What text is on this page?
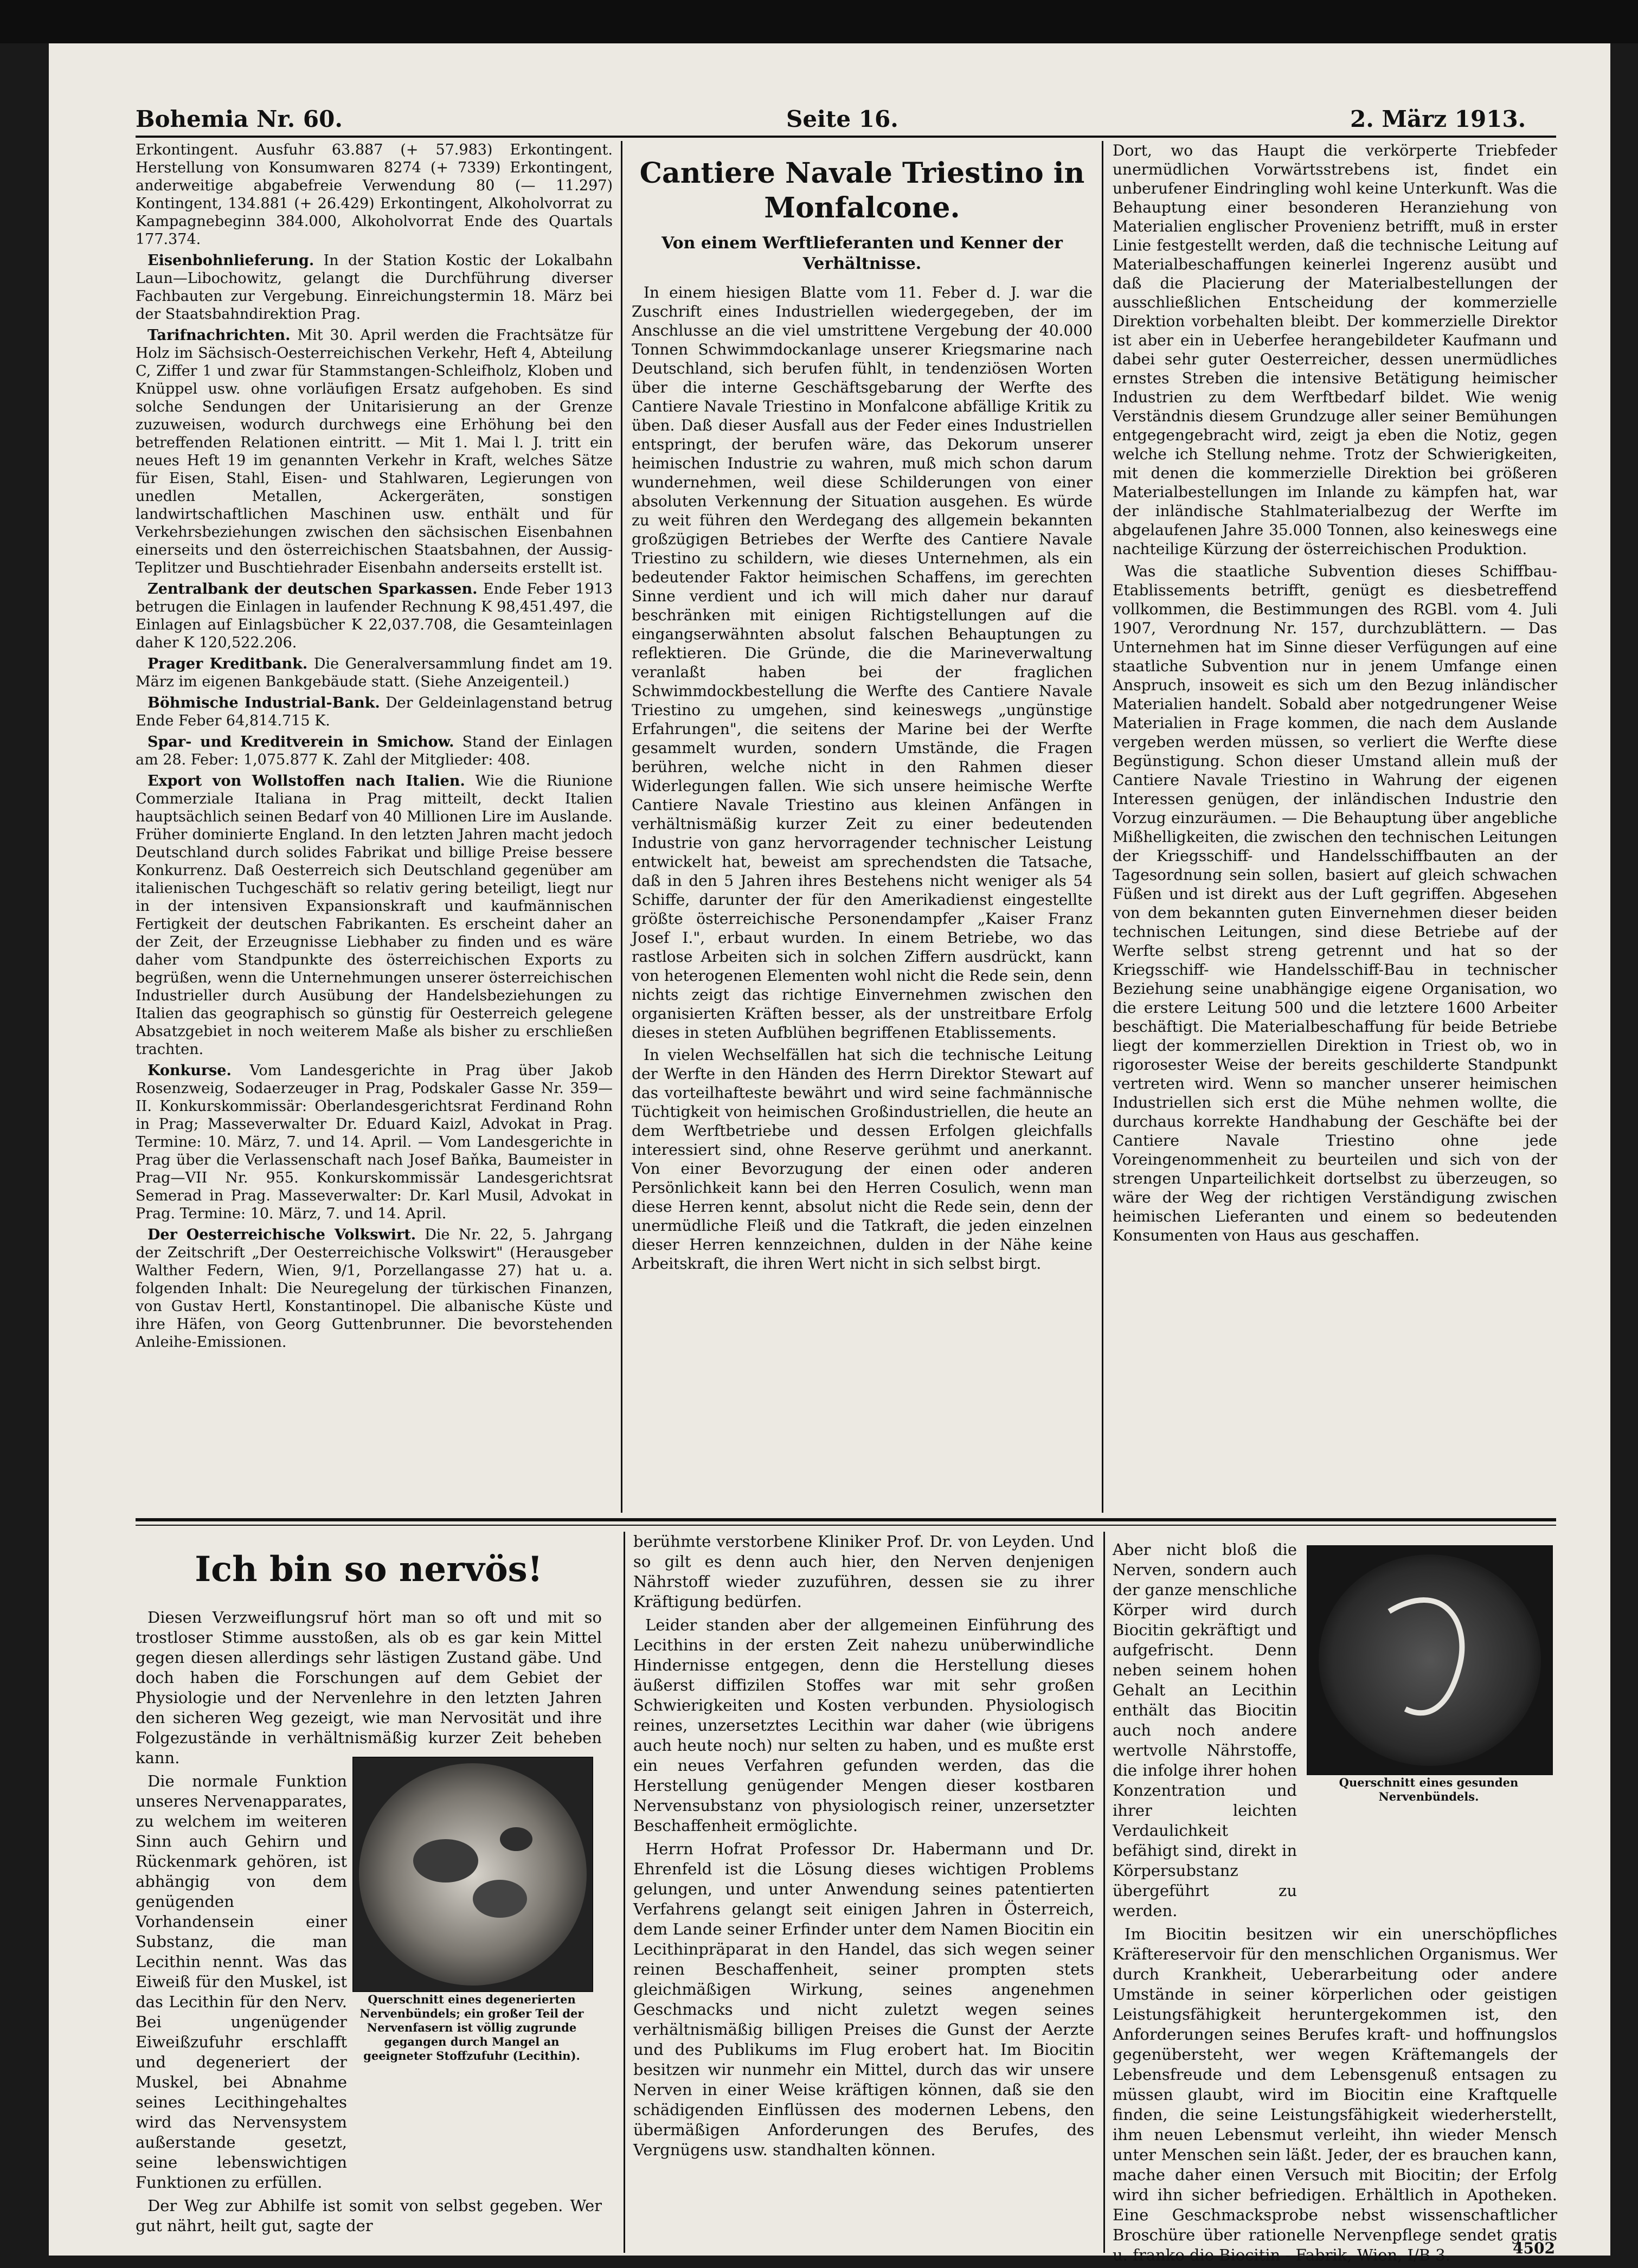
Bohemia Nr. 60.	Seite 16.	2. März 1913.

Erkontingent. Ausfuhr 63.887 (+ 57.983) Erkontingent. Herstellung von Konsumwaren 8274 (+ 7339) Erkontingent, anderweitige abgabefreie Verwendung 80 (— 11.297) Kontingent, 134.881 (+ 26.429) Erkontingent, Alkoholvorrat zu Kampagnebeginn 384.000, Alkoholvorrat Ende des Quartals 177.374.

Eisenbohnlieferung. In der Station Kostic der Lokalbahn Laun—Libochowitz, gelangt die Durchführung diverser Fachbauten zur Vergebung. Einreichungstermin 18. März bei der Staatsbahndirektion Prag.

Tarifnachrichten. Mit 30. April werden die Frachtsätze für Holz im Sächsisch-Oesterreichischen Verkehr, Heft 4, Abteilung C, Ziffer 1 und zwar für Stammstangen-Schleifholz, Kloben und Knüppel usw. ohne vorläufigen Ersatz aufgehoben. Es sind solche Sendungen der Unitarisierung an der Grenze zuzuweisen, wodurch durchwegs eine Erhöhung bei den betreffenden Relationen eintritt. — Mit 1. Mai l. J. tritt ein neues Heft 19 im genannten Verkehr in Kraft, welches Sätze für Eisen, Stahl, Eisen- und Stahlwaren, Legierungen von unedlen Metallen, Ackergeräten, sonstigen landwirtschaftlichen Maschinen usw. enthält und für Verkehrsbeziehungen zwischen den sächsischen Eisenbahnen einerseits und den österreichischen Staatsbahnen, der Aussig-Teplitzer und Buschtiehrader Eisenbahn anderseits erstellt ist.

Zentralbank der deutschen Sparkassen. Ende Feber 1913 betrugen die Einlagen in laufender Rechnung K 98,451.497, die Einlagen auf Einlagsbücher K 22,037.708, die Gesamteinlagen daher K 120,522.206.

Prager Kreditbank. Die Generalversammlung findet am 19. März im eigenen Bankgebäude statt. (Siehe Anzeigenteil.)

Böhmische Industrial-Bank. Der Geldeinlagenstand betrug Ende Feber 64,814.715 K.

Spar- und Kreditverein in Smichow. Stand der Einlagen am 28. Feber: 1,075.877 K. Zahl der Mitglieder: 408.

Export von Wollstoffen nach Italien. Wie die Riunione Commerziale Italiana in Prag mitteilt, deckt Italien hauptsächlich seinen Bedarf von 40 Millionen Lire im Auslande. Früher dominierte England. In den letzten Jahren macht jedoch Deutschland durch solides Fabrikat und billige Preise bessere Konkurrenz. Daß Oesterreich sich Deutschland gegenüber am italienischen Tuchgeschäft so relativ gering beteiligt, liegt nur in der intensiven Expansionskraft und kaufmännischen Fertigkeit der deutschen Fabrikanten. Es erscheint daher an der Zeit, der Erzeugnisse Liebhaber zu finden und es wäre daher vom Standpunkte des österreichischen Exports zu begrüßen, wenn die Unternehmungen unserer österreichischen Industrieller durch Ausübung der Handelsbeziehungen zu Italien das geographisch so günstig für Oesterreich gelegene Absatzgebiet in noch weiterem Maße als bisher zu erschließen trachten.

Konkurse. Vom Landesgerichte in Prag über Jakob Rosenzweig, Sodaerzeuger in Prag, Podskaler Gasse Nr. 359—II. Konkurskommissär: Oberlandesgerichtsrat Ferdinand Rohn in Prag; Masseverwalter Dr. Eduard Kaizl, Advokat in Prag. Termine: 10. März, 7. und 14. April. — Vom Landesgerichte in Prag über die Verlassenschaft nach Josef Baňka, Baumeister in Prag—VII Nr. 955. Konkurskommissär Landesgerichtsrat Semerad in Prag. Masseverwalter: Dr. Karl Musil, Advokat in Prag. Termine: 10. März, 7. und 14. April.

Der Oesterreichische Volkswirt. Die Nr. 22, 5. Jahrgang der Zeitschrift „Der Oesterreichische Volkswirt" (Herausgeber Walther Federn, Wien, 9/1, Porzellangasse 27) hat u. a. folgenden Inhalt: Die Neuregelung der türkischen Finanzen, von Gustav Hertl, Konstantinopel. Die albanische Küste und ihre Häfen, von Georg Guttenbrunner. Die bevorstehenden Anleihe-Emissionen.

Cantiere Navale Triestino in Monfalcone.
Von einem Werftlieferanten und Kenner der Verhältnisse.

In einem hiesigen Blatte vom 11. Feber d. J. war die Zuschrift eines Industriellen wiedergegeben, der im Anschlusse an die viel umstrittene Vergebung der 40.000 Tonnen Schwimmdockanlage unserer Kriegsmarine nach Deutschland, sich berufen fühlt, in tendenziösen Worten über die interne Geschäftsgebarung der Werfte des Cantiere Navale Triestino in Monfalcone abfällige Kritik zu üben. Daß dieser Ausfall aus der Feder eines Industriellen entspringt, der berufen wäre, das Dekorum unserer heimischen Industrie zu wahren, muß mich schon darum wundernehmen, weil diese Schilderungen von einer absoluten Verkennung der Situation ausgehen. Es würde zu weit führen den Werdegang des allgemein bekannten großzügigen Betriebes der Werfte des Cantiere Navale Triestino zu schildern, wie dieses Unternehmen, als ein bedeutender Faktor heimischen Schaffens, im gerechten Sinne verdient und ich will mich daher nur darauf beschränken mit einigen Richtigstellungen auf die eingangserwähnten absolut falschen Behauptungen zu reflektieren. Die Gründe, die die Marineverwaltung veranlaßt haben bei der fraglichen Schwimmdockbestellung die Werfte des Cantiere Navale Triestino zu umgehen, sind keineswegs „ungünstige Erfahrungen", die seitens der Marine bei der Werfte gesammelt wurden, sondern Umstände, die Fragen berühren, welche nicht in den Rahmen dieser Widerlegungen fallen. Wie sich unsere heimische Werfte Cantiere Navale Triestino aus kleinen Anfängen in verhältnismäßig kurzer Zeit zu einer bedeutenden Industrie von ganz hervorragender technischer Leistung entwickelt hat, beweist am sprechendsten die Tatsache, daß in den 5 Jahren ihres Bestehens nicht weniger als 54 Schiffe, darunter der für den Amerikadienst eingestellte größte österreichische Personendampfer „Kaiser Franz Josef I.", erbaut wurden. In einem Betriebe, wo das rastlose Arbeiten sich in solchen Ziffern ausdrückt, kann von heterogenen Elementen wohl nicht die Rede sein, denn nichts zeigt das richtige Einvernehmen zwischen den organisierten Kräften besser, als der unstreitbare Erfolg dieses in steten Aufblühen begriffenen Etablissements.

In vielen Wechselfällen hat sich die technische Leitung der Werfte in den Händen des Herrn Direktor Stewart auf das vorteilhafteste bewährt und wird seine fachmännische Tüchtigkeit von heimischen Großindustriellen, die heute an dem Werftbetriebe und dessen Erfolgen gleichfalls interessiert sind, ohne Reserve gerühmt und anerkannt. Von einer Bevorzugung der einen oder anderen Persönlichkeit kann bei den Herren Cosulich, wenn man diese Herren kennt, absolut nicht die Rede sein, denn der unermüdliche Fleiß und die Tatkraft, die jeden einzelnen dieser Herren kennzeichnen, dulden in der Nähe keine Arbeitskraft, die ihren Wert nicht in sich selbst birgt.

Dort, wo das Haupt die verkörperte Triebfeder unermüdlichen Vorwärtsstrebens ist, findet ein unberufener Eindringling wohl keine Unterkunft. Was die Behauptung einer besonderen Heranziehung von Materialien englischer Provenienz betrifft, muß in erster Linie festgestellt werden, daß die technische Leitung auf Materialbeschaffungen keinerlei Ingerenz ausübt und daß die Placierung der Materialbestellungen der ausschließlichen Entscheidung der kommerzielle Direktion vorbehalten bleibt. Der kommerzielle Direktor ist aber ein in Ueberfee herangebildeter Kaufmann und dabei sehr guter Oesterreicher, dessen unermüdliches ernstes Streben die intensive Betätigung heimischer Industrien zu dem Werftbedarf bildet. Wie wenig Verständnis diesem Grundzuge aller seiner Bemühungen entgegengebracht wird, zeigt ja eben die Notiz, gegen welche ich Stellung nehme. Trotz der Schwierigkeiten, mit denen die kommerzielle Direktion bei größeren Materialbestellungen im Inlande zu kämpfen hat, war der inländische Stahlmaterialbezug der Werfte im abgelaufenen Jahre 35.000 Tonnen, also keineswegs eine nachteilige Kürzung der österreichischen Produktion.

Was die staatliche Subvention dieses Schiffbau-Etablissements betrifft, genügt es diesbetreffend vollkommen, die Bestimmungen des RGBl. vom 4. Juli 1907, Verordnung Nr. 157, durchzublättern. — Das Unternehmen hat im Sinne dieser Verfügungen auf eine staatliche Subvention nur in jenem Umfange einen Anspruch, insoweit es sich um den Bezug inländischer Materialien handelt. Sobald aber notgedrungener Weise Materialien in Frage kommen, die nach dem Auslande vergeben werden müssen, so verliert die Werfte diese Begünstigung. Schon dieser Umstand allein muß der Cantiere Navale Triestino in Wahrung der eigenen Interessen genügen, der inländischen Industrie den Vorzug einzuräumen. — Die Behauptung über angebliche Mißhelligkeiten, die zwischen den technischen Leitungen der Kriegsschiff- und Handelsschiffbauten an der Tagesordnung sein sollen, basiert auf gleich schwachen Füßen und ist direkt aus der Luft gegriffen. Abgesehen von dem bekannten guten Einvernehmen dieser beiden technischen Leitungen, sind diese Betriebe auf der Werfte selbst streng getrennt und hat so der Kriegsschiff- wie Handelsschiff-Bau in technischer Beziehung seine unabhängige eigene Organisation, wo die erstere Leitung 500 und die letztere 1600 Arbeiter beschäftigt. Die Materialbeschaffung für beide Betriebe liegt der kommerziellen Direktion in Triest ob, wo in rigorosester Weise der bereits geschilderte Standpunkt vertreten wird. Wenn so mancher unserer heimischen Industriellen sich erst die Mühe nehmen wollte, die durchaus korrekte Handhabung der Geschäfte bei der Cantiere Navale Triestino ohne jede Voreingenommenheit zu beurteilen und sich von der strengen Unparteilichkeit dortselbst zu überzeugen, so wäre der Weg der richtigen Verständigung zwischen heimischen Lieferanten und einem so bedeutenden Konsumenten von Haus aus geschaffen.

Ich bin so nervös!

Diesen Verzweiflungsruf hört man so oft und mit so trostloser Stimme ausstoßen, als ob es gar kein Mittel gegen diesen allerdings sehr lästigen Zustand gäbe. Und doch haben die Forschungen auf dem Gebiet der Physiologie und der Nervenlehre in den letzten Jahren den sicheren Weg gezeigt, wie man Nervosität und ihre Folgezustände in verhältnismäßig kurzer Zeit beheben kann.

Die normale Funktion unseres Nervenapparates, zu welchem im weiteren Sinn auch Gehirn und Rückenmark gehören, ist abhängig von dem genügenden Vorhandensein einer Substanz, die man Lecithin nennt. Was das Eiweiß für den Muskel, ist das Lecithin für den Nerv. Bei ungenügender Eiweißzufuhr erschlafft und degeneriert der Muskel, bei Abnahme seines Lecithingehaltes wird das Nervensystem außerstande gesetzt, seine lebenswichtigen Funktionen zu erfüllen.

Der Weg zur Abhilfe ist somit von selbst gegeben. Wer gut nährt, heilt gut, sagte der

Querschnitt eines degenerierten Nervenbündels; ein großer Teil der Nervenfasern ist völlig zugrunde gegangen durch Mangel an geeigneter Stoffzufuhr (Lecithin).

berühmte verstorbene Kliniker Prof. Dr. von Leyden. Und so gilt es denn auch hier, den Nerven denjenigen Nährstoff wieder zuzuführen, dessen sie zu ihrer Kräftigung bedürfen.

Leider standen aber der allgemeinen Einführung des Lecithins in der ersten Zeit nahezu unüberwindliche Hindernisse entgegen, denn die Herstellung dieses äußerst diffizilen Stoffes war mit sehr großen Schwierigkeiten und Kosten verbunden. Physiologisch reines, unzersetztes Lecithin war daher (wie übrigens auch heute noch) nur selten zu haben, und es mußte erst ein neues Verfahren gefunden werden, das die Herstellung genügender Mengen dieser kostbaren Nervensubstanz von physiologisch reiner, unzersetzter Beschaffenheit ermöglichte.

Herrn Hofrat Professor Dr. Habermann und Dr. Ehrenfeld ist die Lösung dieses wichtigen Problems gelungen, und unter Anwendung seines patentierten Verfahrens gelangt seit einigen Jahren in Österreich, dem Lande seiner Erfinder unter dem Namen Biocitin ein Lecithinpräparat in den Handel, das sich wegen seiner reinen Beschaffenheit, seiner prompten stets gleichmäßigen Wirkung, seines angenehmen Geschmacks und nicht zuletzt wegen seines verhältnismäßig billigen Preises die Gunst der Aerzte und des Publikums im Flug erobert hat. Im Biocitin besitzen wir nunmehr ein Mittel, durch das wir unsere Nerven in einer Weise kräftigen können, daß sie den schädigenden Einflüssen des modernen Lebens, den übermäßigen Anforderungen des Berufes, des Vergnügens usw. standhalten können.

Querschnitt eines gesunden Nervenbündels.

Aber nicht bloß die Nerven, sondern auch der ganze menschliche Körper wird durch Biocitin gekräftigt und aufgefrischt. Denn neben seinem hohen Gehalt an Lecithin enthält das Biocitin auch noch andere wertvolle Nährstoffe, die infolge ihrer hohen Konzentration und ihrer leichten Verdaulichkeit befähigt sind, direkt in Körpersubstanz übergeführt zu werden.

Im Biocitin besitzen wir ein unerschöpfliches Kräftereservoir für den menschlichen Organismus. Wer durch Krankheit, Ueberarbeitung oder andere Umstände in seiner körperlichen oder geistigen Leistungsfähigkeit heruntergekommen ist, den Anforderungen seines Berufes kraft- und hoffnungslos gegenübersteht, wer wegen Kräftemangels der Lebensfreude und dem Lebensgenuß entsagen zu müssen glaubt, wird im Biocitin eine Kraftquelle finden, die seine Leistungsfähigkeit wiederherstellt, ihm neuen Lebensmut verleiht, ihn wieder Mensch unter Menschen sein läßt. Jeder, der es brauchen kann, mache daher einen Versuch mit Biocitin; der Erfolg wird ihn sicher befriedigen. Erhältlich in Apotheken. Eine Geschmacksprobe nebst wissenschaftlicher Broschüre über rationelle Nervenpflege sendet gratis u. franko die Biocitin - Fabrik, Wien, I/B 3.	4502
